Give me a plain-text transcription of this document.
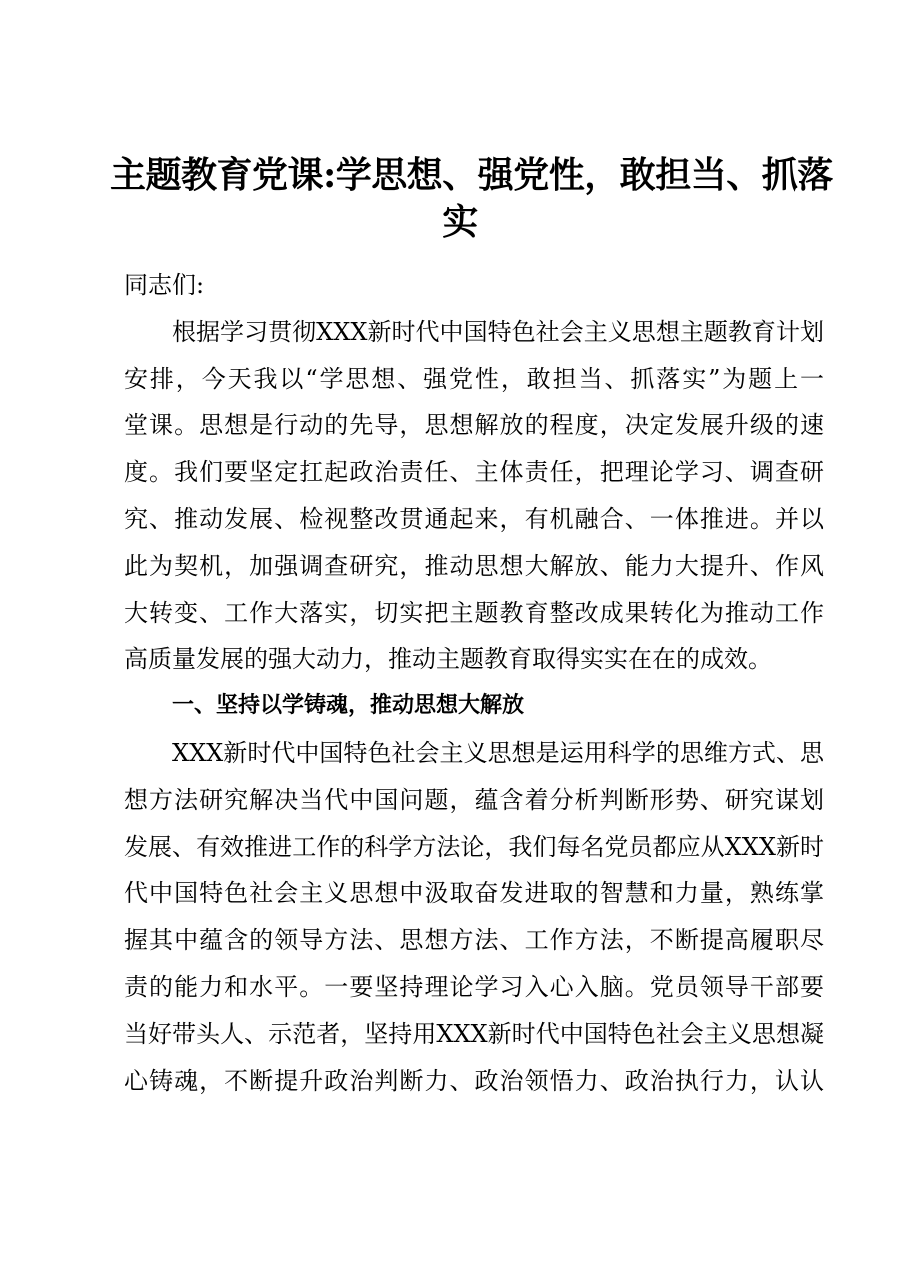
主题教育党课:学思想、强党性，敢担当、抓落
实
同志们:
根据学习贯彻XXX新时代中国特色社会主义思想主题教育计划
安排，今天我以“学思想、强党性，敢担当、抓落实”为题上一
堂课。思想是行动的先导，思想解放的程度，决定发展升级的速
度。我们要坚定扛起政治责任、主体责任，把理论学习、调查研
究、推动发展、检视整改贯通起来，有机融合、一体推进。并以
此为契机，加强调查研究，推动思想大解放、能力大提升、作风
大转变、工作大落实，切实把主题教育整改成果转化为推动工作
高质量发展的强大动力，推动主题教育取得实实在在的成效。
一、坚持以学铸魂，推动思想大解放
XXX新时代中国特色社会主义思想是运用科学的思维方式、思
想方法研究解决当代中国问题，蕴含着分析判断形势、研究谋划
发展、有效推进工作的科学方法论，我们每名党员都应从XXX新时
代中国特色社会主义思想中汲取奋发进取的智慧和力量，熟练掌
握其中蕴含的领导方法、思想方法、工作方法，不断提高履职尽
责的能力和水平。一要坚持理论学习入心入脑。党员领导干部要
当好带头人、示范者，坚持用XXX新时代中国特色社会主义思想凝
心铸魂，不断提升政治判断力、政治领悟力、政治执行力，认认
